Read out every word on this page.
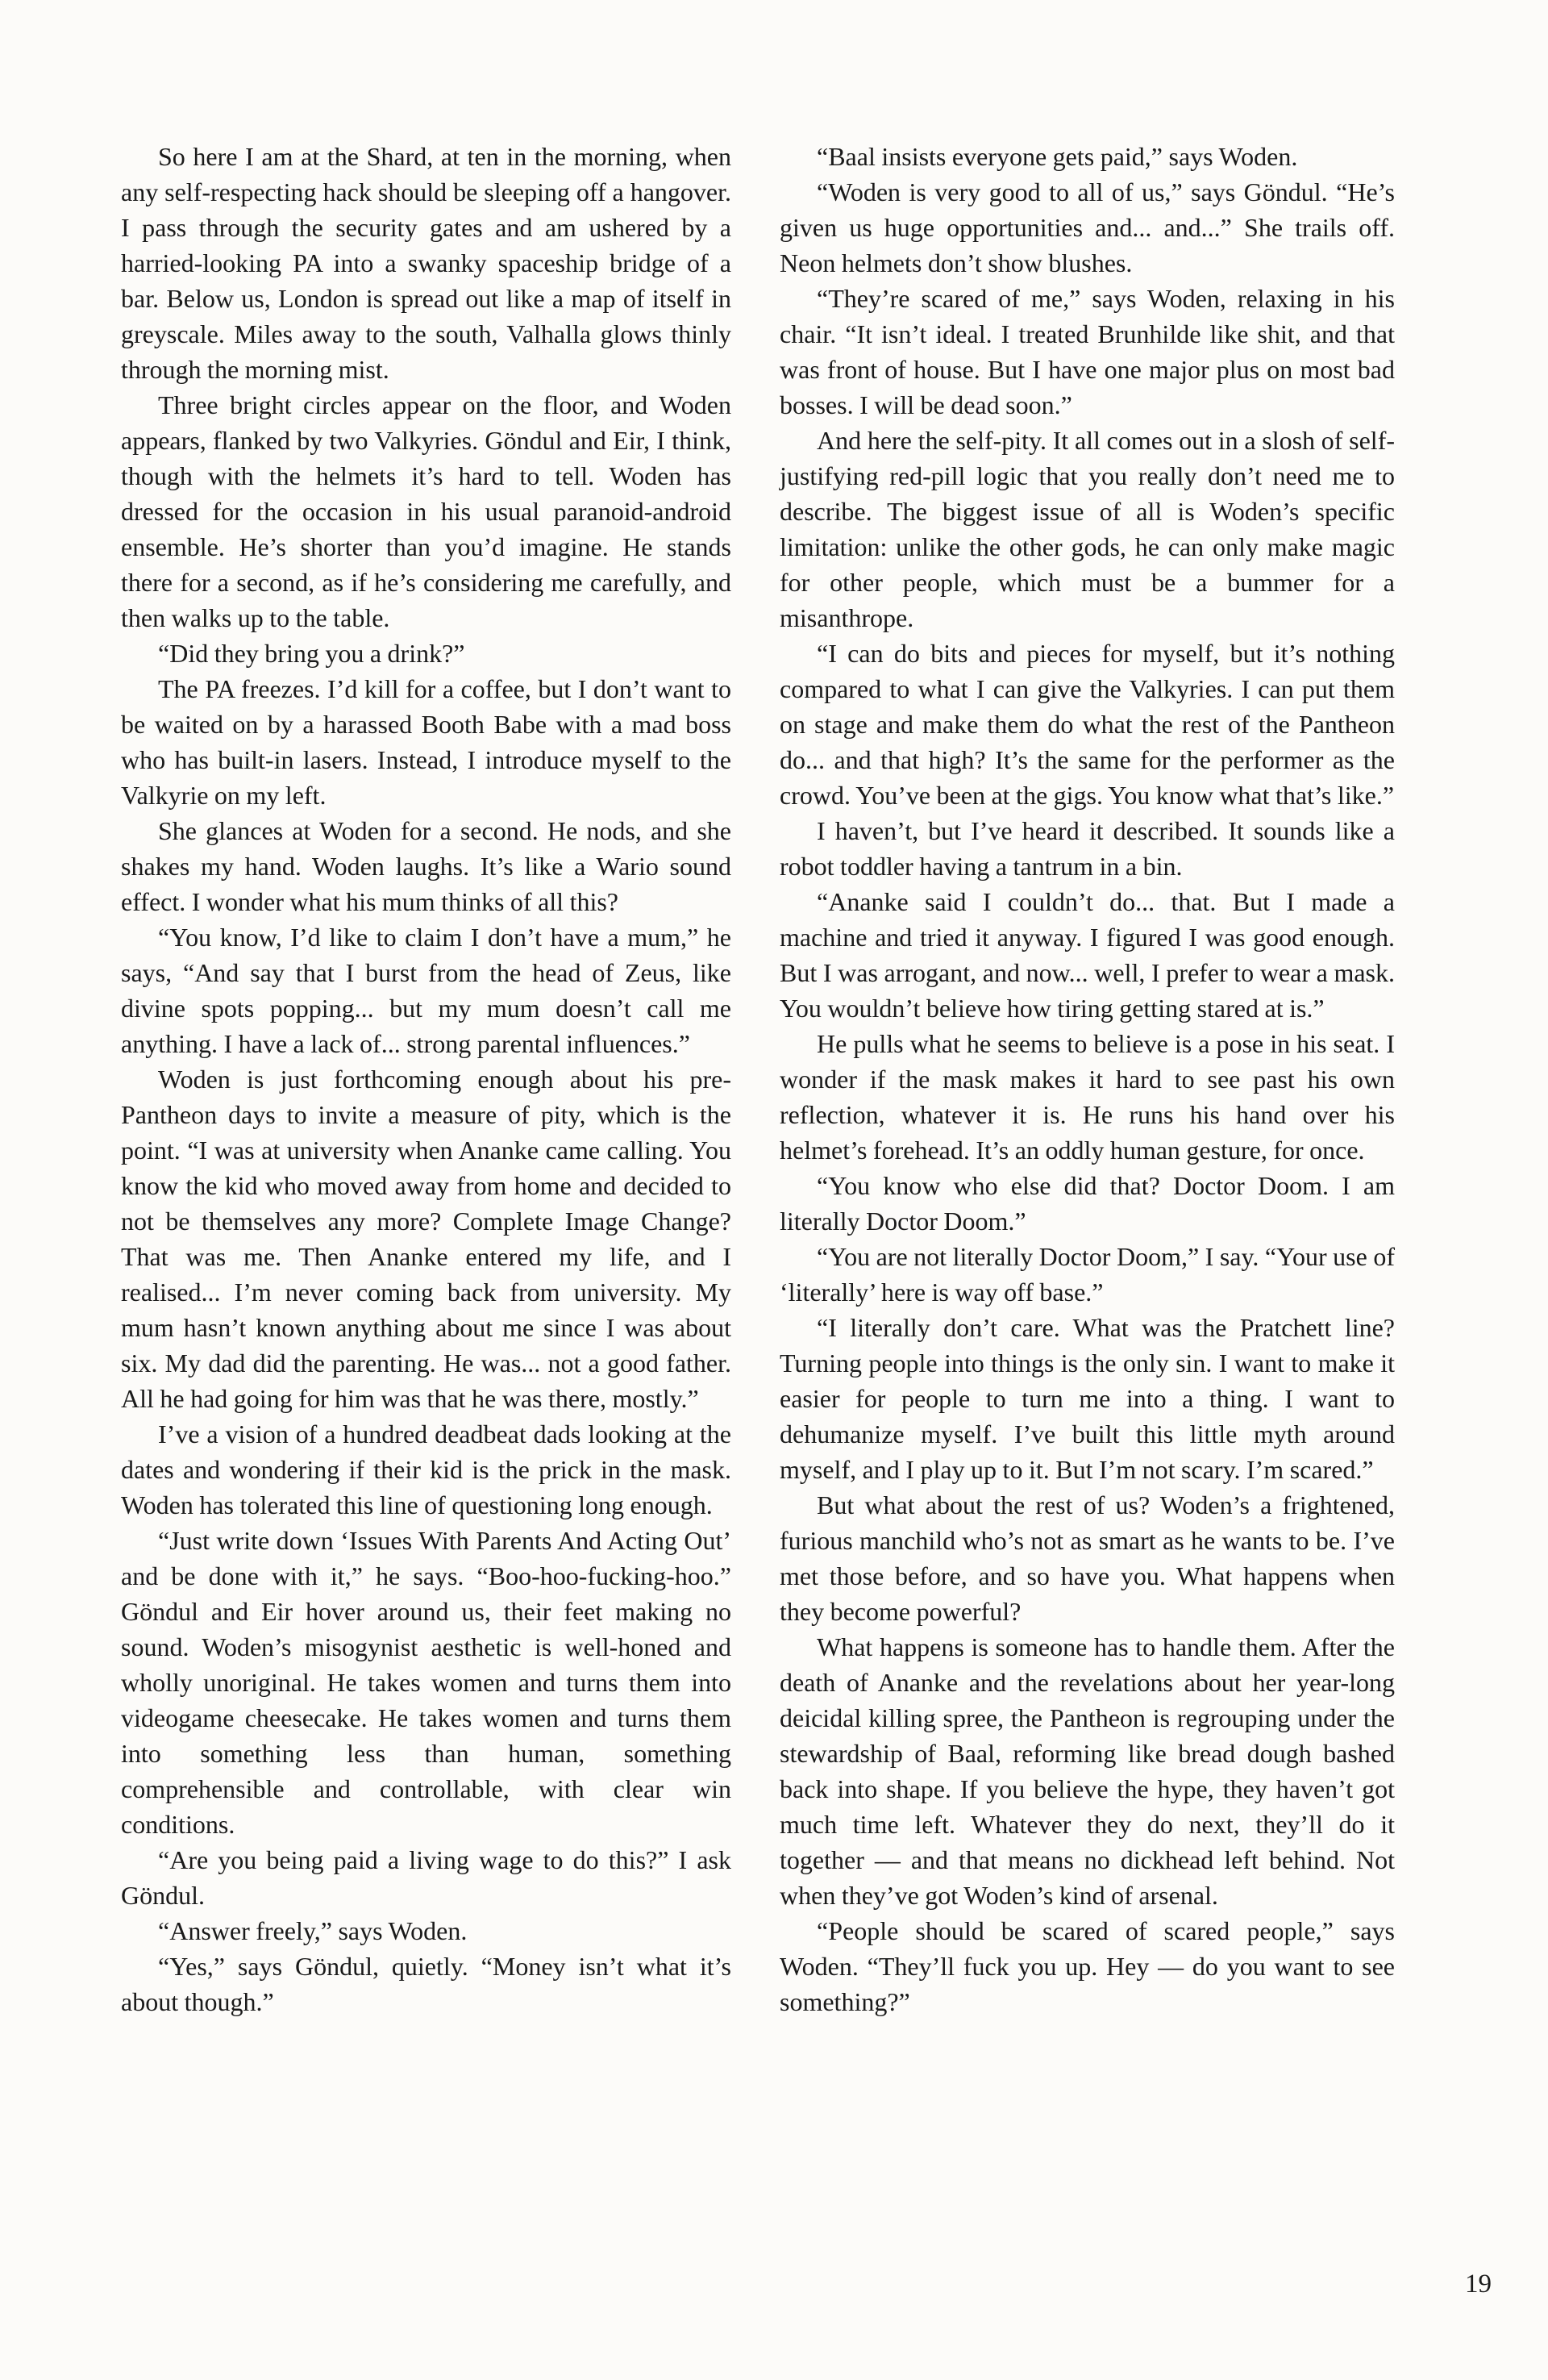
So here I am at the Shard, at ten in the morning, when any self-respecting hack should be sleeping off a hangover. I pass through the security gates and am ushered by a harried-looking PA into a swanky spaceship bridge of a bar. Below us, London is spread out like a map of itself in greyscale. Miles away to the south, Valhalla glows thinly through the morning mist.

Three bright circles appear on the floor, and Woden appears, flanked by two Valkyries. Göndul and Eir, I think, though with the helmets it’s hard to tell. Woden has dressed for the occasion in his usual paranoid-android ensemble. He’s shorter than you’d imagine. He stands there for a second, as if he’s considering me carefully, and then walks up to the table.

“Did they bring you a drink?”

The PA freezes. I’d kill for a coffee, but I don’t want to be waited on by a harassed Booth Babe with a mad boss who has built-in lasers. Instead, I introduce myself to the Valkyrie on my left.

She glances at Woden for a second. He nods, and she shakes my hand. Woden laughs. It’s like a Wario sound effect. I wonder what his mum thinks of all this?

“You know, I’d like to claim I don’t have a mum,” he says, “And say that I burst from the head of Zeus, like divine spots popping... but my mum doesn’t call me anything. I have a lack of... strong parental influences.”

Woden is just forthcoming enough about his pre-Pantheon days to invite a measure of pity, which is the point. “I was at university when Ananke came calling. You know the kid who moved away from home and decided to not be themselves any more? Complete Image Change? That was me. Then Ananke entered my life, and I realised... I’m never coming back from university. My mum hasn’t known anything about me since I was about six. My dad did the parenting. He was... not a good father. All he had going for him was that he was there, mostly.”

I’ve a vision of a hundred deadbeat dads looking at the dates and wondering if their kid is the prick in the mask. Woden has tolerated this line of questioning long enough.

“Just write down ‘Issues With Parents And Acting Out’ and be done with it,” he says. “Boo-hoo-fucking-hoo.” Göndul and Eir hover around us, their feet making no sound. Woden’s misogynist aesthetic is well-honed and wholly unoriginal. He takes women and turns them into videogame cheesecake. He takes women and turns them into something less than human, something comprehensible and controllable, with clear win conditions.

“Are you being paid a living wage to do this?” I ask Göndul.

“Answer freely,” says Woden.

“Yes,” says Göndul, quietly. “Money isn’t what it’s about though.”

“Baal insists everyone gets paid,” says Woden.

“Woden is very good to all of us,” says Göndul. “He’s given us huge opportunities and... and...” She trails off. Neon helmets don’t show blushes.

“They’re scared of me,” says Woden, relaxing in his chair. “It isn’t ideal. I treated Brunhilde like shit, and that was front of house. But I have one major plus on most bad bosses. I will be dead soon.”

And here the self-pity. It all comes out in a slosh of self-justifying red-pill logic that you really don’t need me to describe. The biggest issue of all is Woden’s specific limitation: unlike the other gods, he can only make magic for other people, which must be a bummer for a misanthrope.

“I can do bits and pieces for myself, but it’s nothing compared to what I can give the Valkyries. I can put them on stage and make them do what the rest of the Pantheon do... and that high? It’s the same for the performer as the crowd. You’ve been at the gigs. You know what that’s like.”

I haven’t, but I’ve heard it described. It sounds like a robot toddler having a tantrum in a bin.

“Ananke said I couldn’t do... that. But I made a machine and tried it anyway. I figured I was good enough. But I was arrogant, and now... well, I prefer to wear a mask. You wouldn’t believe how tiring getting stared at is.”

He pulls what he seems to believe is a pose in his seat. I wonder if the mask makes it hard to see past his own reflection, whatever it is. He runs his hand over his helmet’s forehead. It’s an oddly human gesture, for once.

“You know who else did that? Doctor Doom. I am literally Doctor Doom.”

“You are not literally Doctor Doom,” I say. “Your use of ‘literally’ here is way off base.”

“I literally don’t care. What was the Pratchett line? Turning people into things is the only sin. I want to make it easier for people to turn me into a thing. I want to dehumanize myself. I’ve built this little myth around myself, and I play up to it. But I’m not scary. I’m scared.”

But what about the rest of us? Woden’s a frightened, furious manchild who’s not as smart as he wants to be. I’ve met those before, and so have you. What happens when they become powerful?

What happens is someone has to handle them. After the death of Ananke and the revelations about her year-long deicidal killing spree, the Pantheon is regrouping under the stewardship of Baal, reforming like bread dough bashed back into shape. If you believe the hype, they haven’t got much time left. Whatever they do next, they’ll do it together — and that means no dickhead left behind. Not when they’ve got Woden’s kind of arsenal.

“People should be scared of scared people,” says Woden. “They’ll fuck you up. Hey — do you want to see something?”

19
